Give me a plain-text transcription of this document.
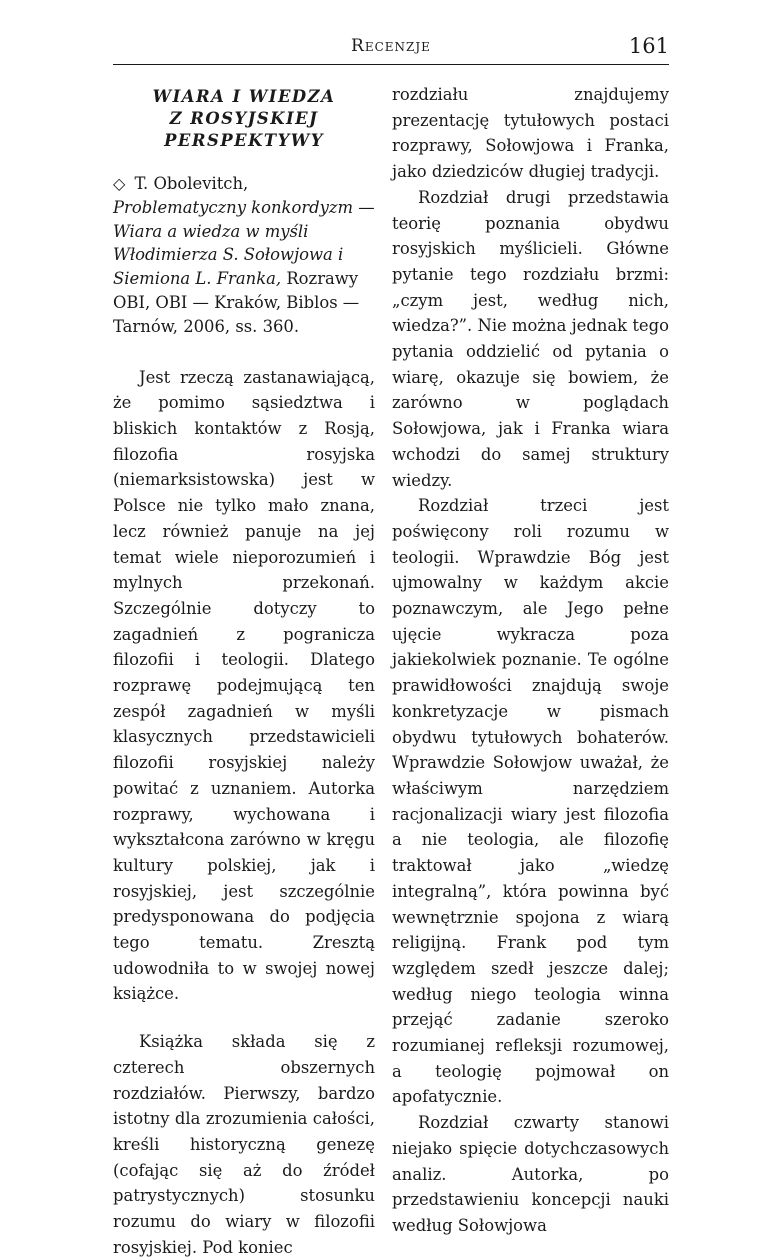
Recenzje	161
WIARA I WIEDZA
Z ROSYJSKIEJ
PERSPEKTYWY

◇ T. Obolevitch, Problematyczny konkordyzm — Wiara a wiedza w myśli Włodimierza S. Sołowjowa i Siemiona L. Franka, Rozrawy OBI, OBI — Kraków, Biblos — Tarnów, 2006, ss. 360.

Jest rzeczą zastanawiającą, że pomimo sąsiedztwa i bliskich kontaktów z Rosją, filozofia rosyjska (niemarksistowska) jest w Polsce nie tylko mało znana, lecz również panuje na jej temat wiele nieporozumień i mylnych przekonań. Szczególnie dotyczy to zagadnień z pogranicza filozofii i teologii. Dlatego rozprawę podejmującą ten zespół zagadnień w myśli klasycznych przedstawicieli filozofii rosyjskiej należy powitać z uznaniem. Autorka rozprawy, wychowana i wykształcona zarówno w kręgu kultury polskiej, jak i rosyjskiej, jest szczególnie predysponowana do podjęcia tego tematu. Zresztą udowodniła to w swojej nowej książce.

Książka składa się z czterech obszernych rozdziałów. Pierwszy, bardzo istotny dla zrozumienia całości, kreśli historyczną genezę (cofając się aż do źródeł patrystycznych) stosunku rozumu do wiary w filozofii rosyjskiej. Pod koniec

rozdziału znajdujemy prezentację tytułowych postaci rozprawy, Sołowjowa i Franka, jako dziedziców długiej tradycji.

Rozdział drugi przedstawia teorię poznania obydwu rosyjskich myślicieli. Główne pytanie tego rozdziału brzmi: „czym jest, według nich, wiedza?”. Nie można jednak tego pytania oddzielić od pytania o wiarę, okazuje się bowiem, że zarówno w poglądach Sołowjowa, jak i Franka wiara wchodzi do samej struktury wiedzy.

Rozdział trzeci jest poświęcony roli rozumu w teologii. Wprawdzie Bóg jest ujmowalny w każdym akcie poznawczym, ale Jego pełne ujęcie wykracza poza jakiekolwiek poznanie. Te ogólne prawidłowości znajdują swoje konkretyzacje w pismach obydwu tytułowych bohaterów. Wprawdzie Sołowjow uważał, że właściwym narzędziem racjonalizacji wiary jest filozofia a nie teologia, ale filozofię traktował jako „wiedzę integralną”, która powinna być wewnętrznie spojona z wiarą religijną. Frank pod tym względem szedł jeszcze dalej; według niego teologia winna przejąć zadanie szeroko rozumianej refleksji rozumowej, a teologię pojmował on apofatycznie.

Rozdział czwarty stanowi niejako spięcie dotychczasowych analiz. Autorka, po przedstawieniu koncepcji nauki według Sołowjowa
